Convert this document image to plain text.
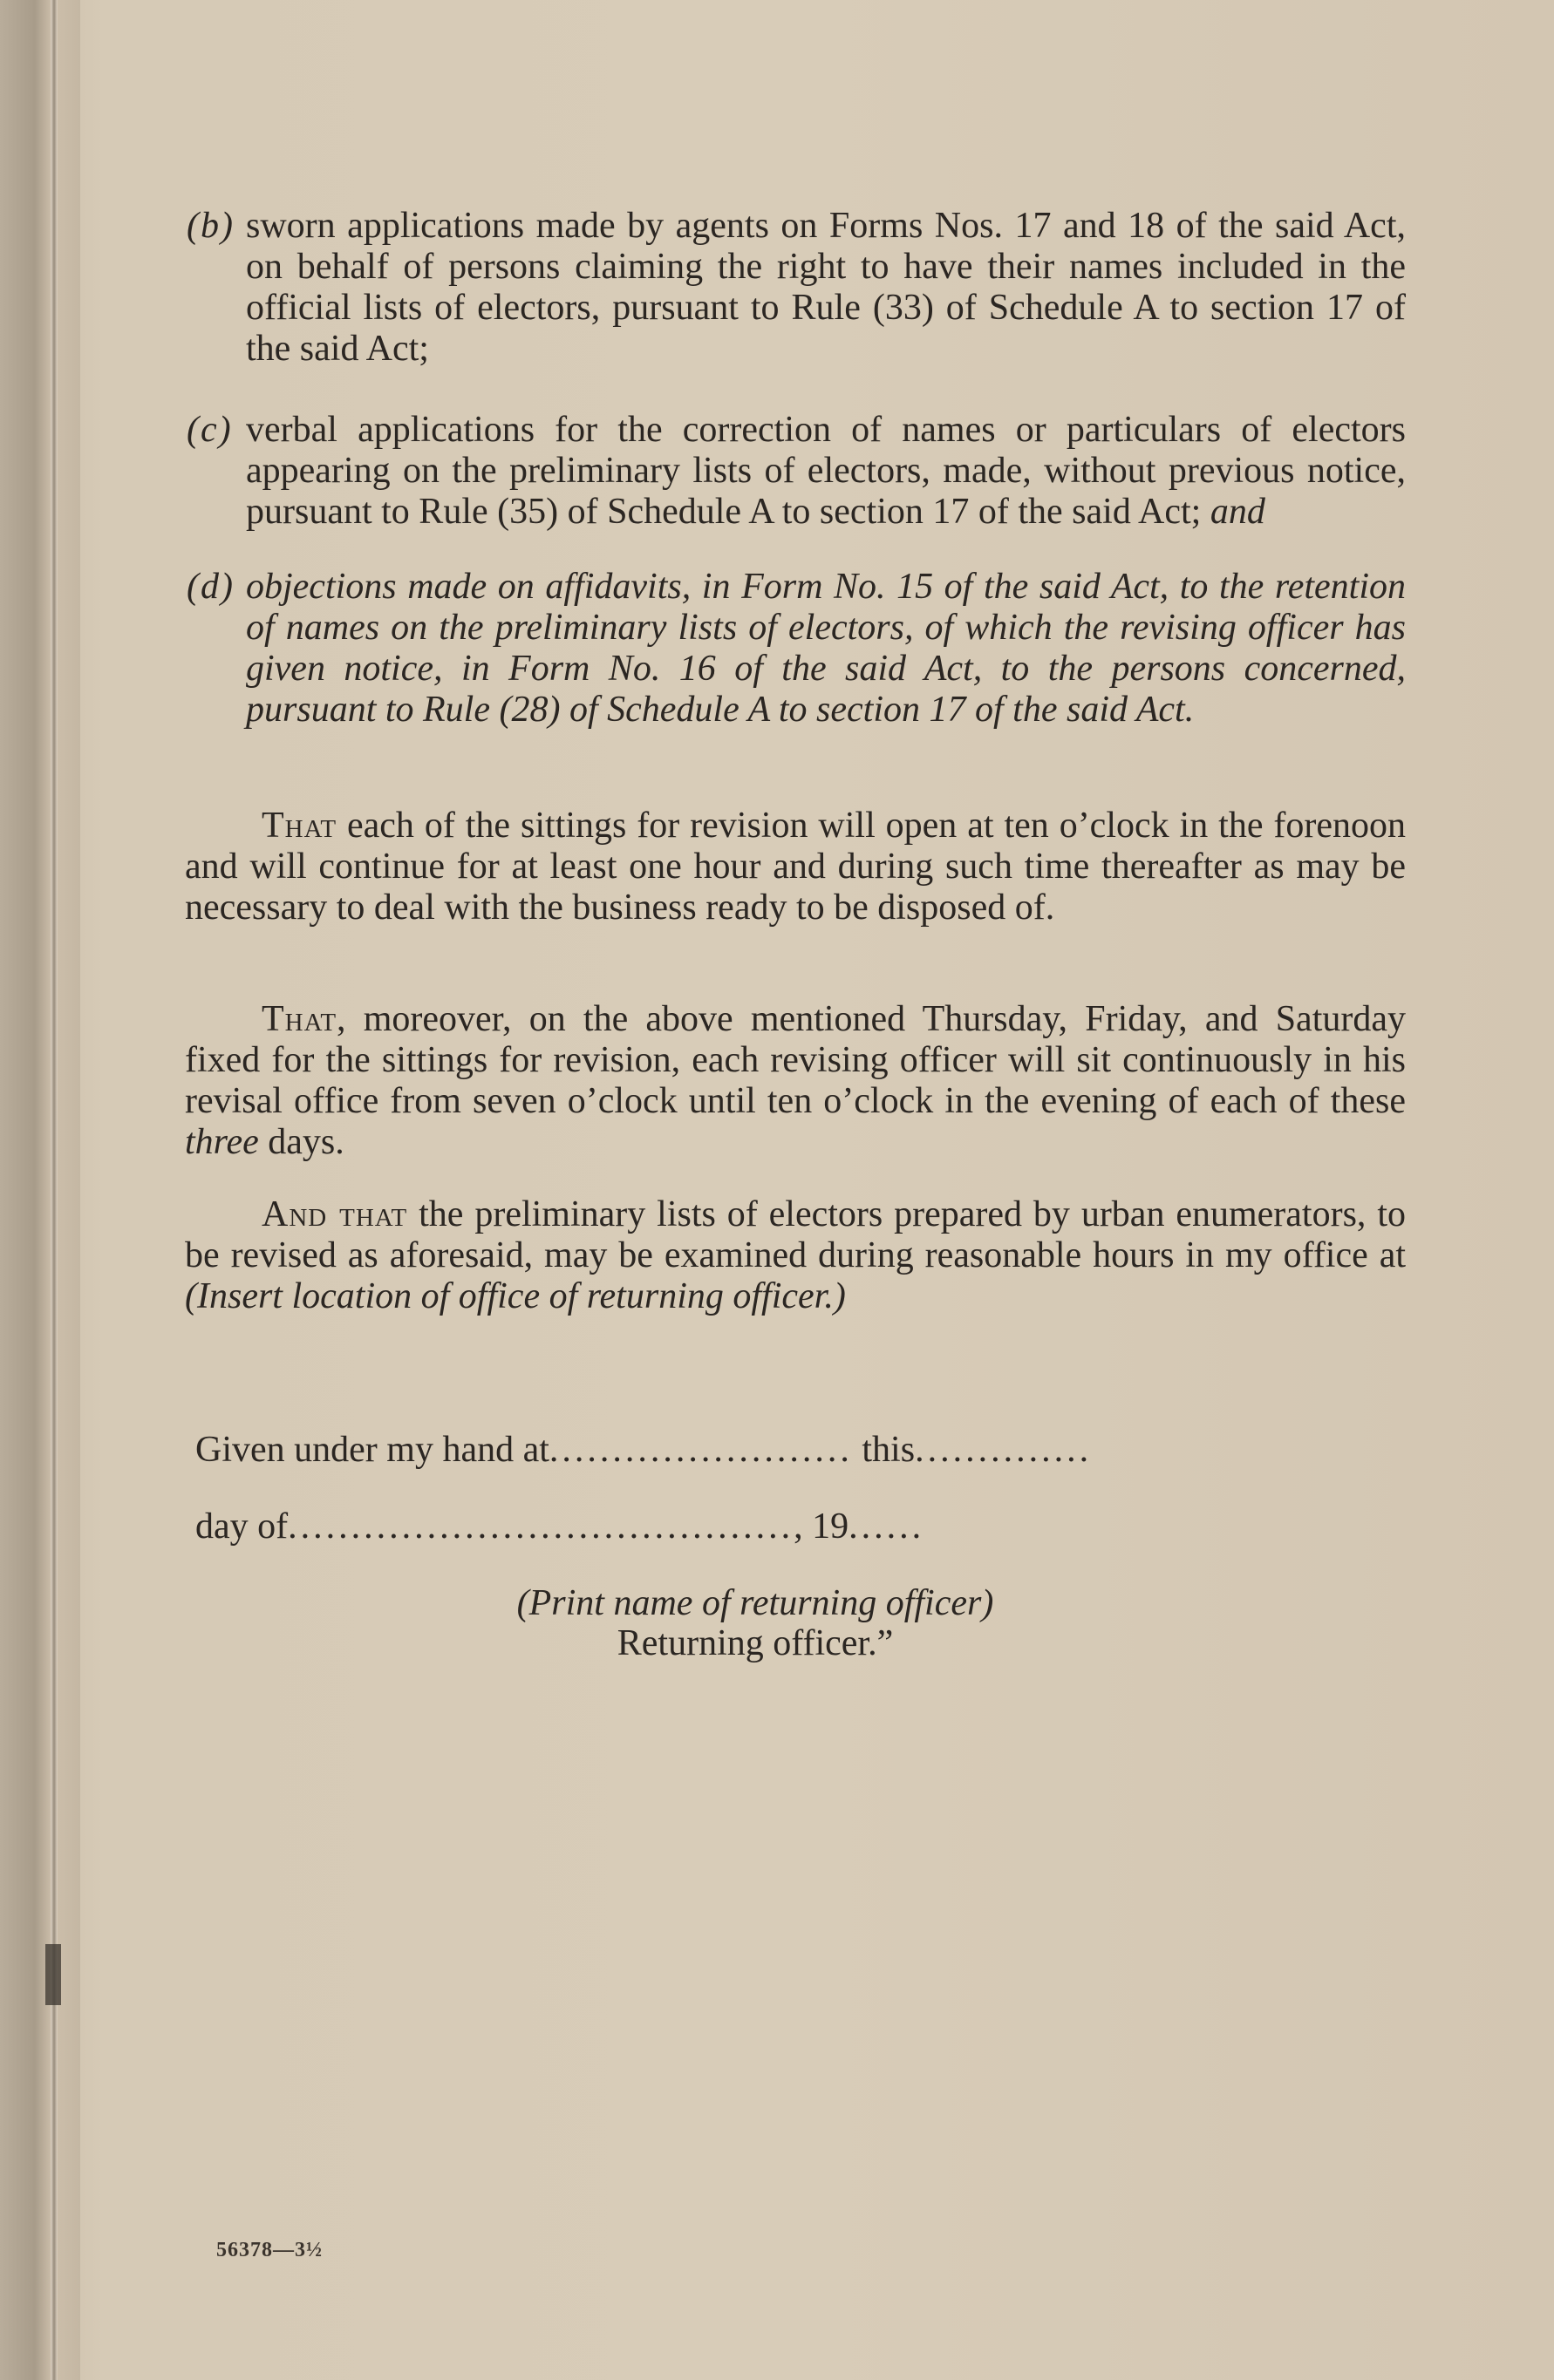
(b) sworn applications made by agents on Forms Nos. 17 and 18 of the said Act, on behalf of persons claiming the right to have their names included in the official lists of electors, pursuant to Rule (33) of Schedule A to section 17 of the said Act;
(c) verbal applications for the correction of names or particulars of electors appearing on the preliminary lists of electors, made, without previous notice, pursuant to Rule (35) of Schedule A to section 17 of the said Act; and
(d) objections made on affidavits, in Form No. 15 of the said Act, to the retention of names on the preliminary lists of electors, of which the revising officer has given notice, in Form No. 16 of the said Act, to the persons concerned, pursuant to Rule (28) of Schedule A to section 17 of the said Act.
That each of the sittings for revision will open at ten o’clock in the forenoon and will continue for at least one hour and during such time thereafter as may be necessary to deal with the business ready to be disposed of.
That, moreover, on the above mentioned Thursday, Friday, and Saturday fixed for the sittings for revision, each revising officer will sit continuously in his revisal office from seven o’clock until ten o’clock in the evening of each of these three days.
And that the preliminary lists of electors prepared by urban enumerators, to be revised as aforesaid, may be examined during reasonable hours in my office at (Insert location of office of returning officer.)
Given under my hand at........................ this..............
day of........................................, 19......
(Print name of returning officer)
Returning officer.”
56378—3½
